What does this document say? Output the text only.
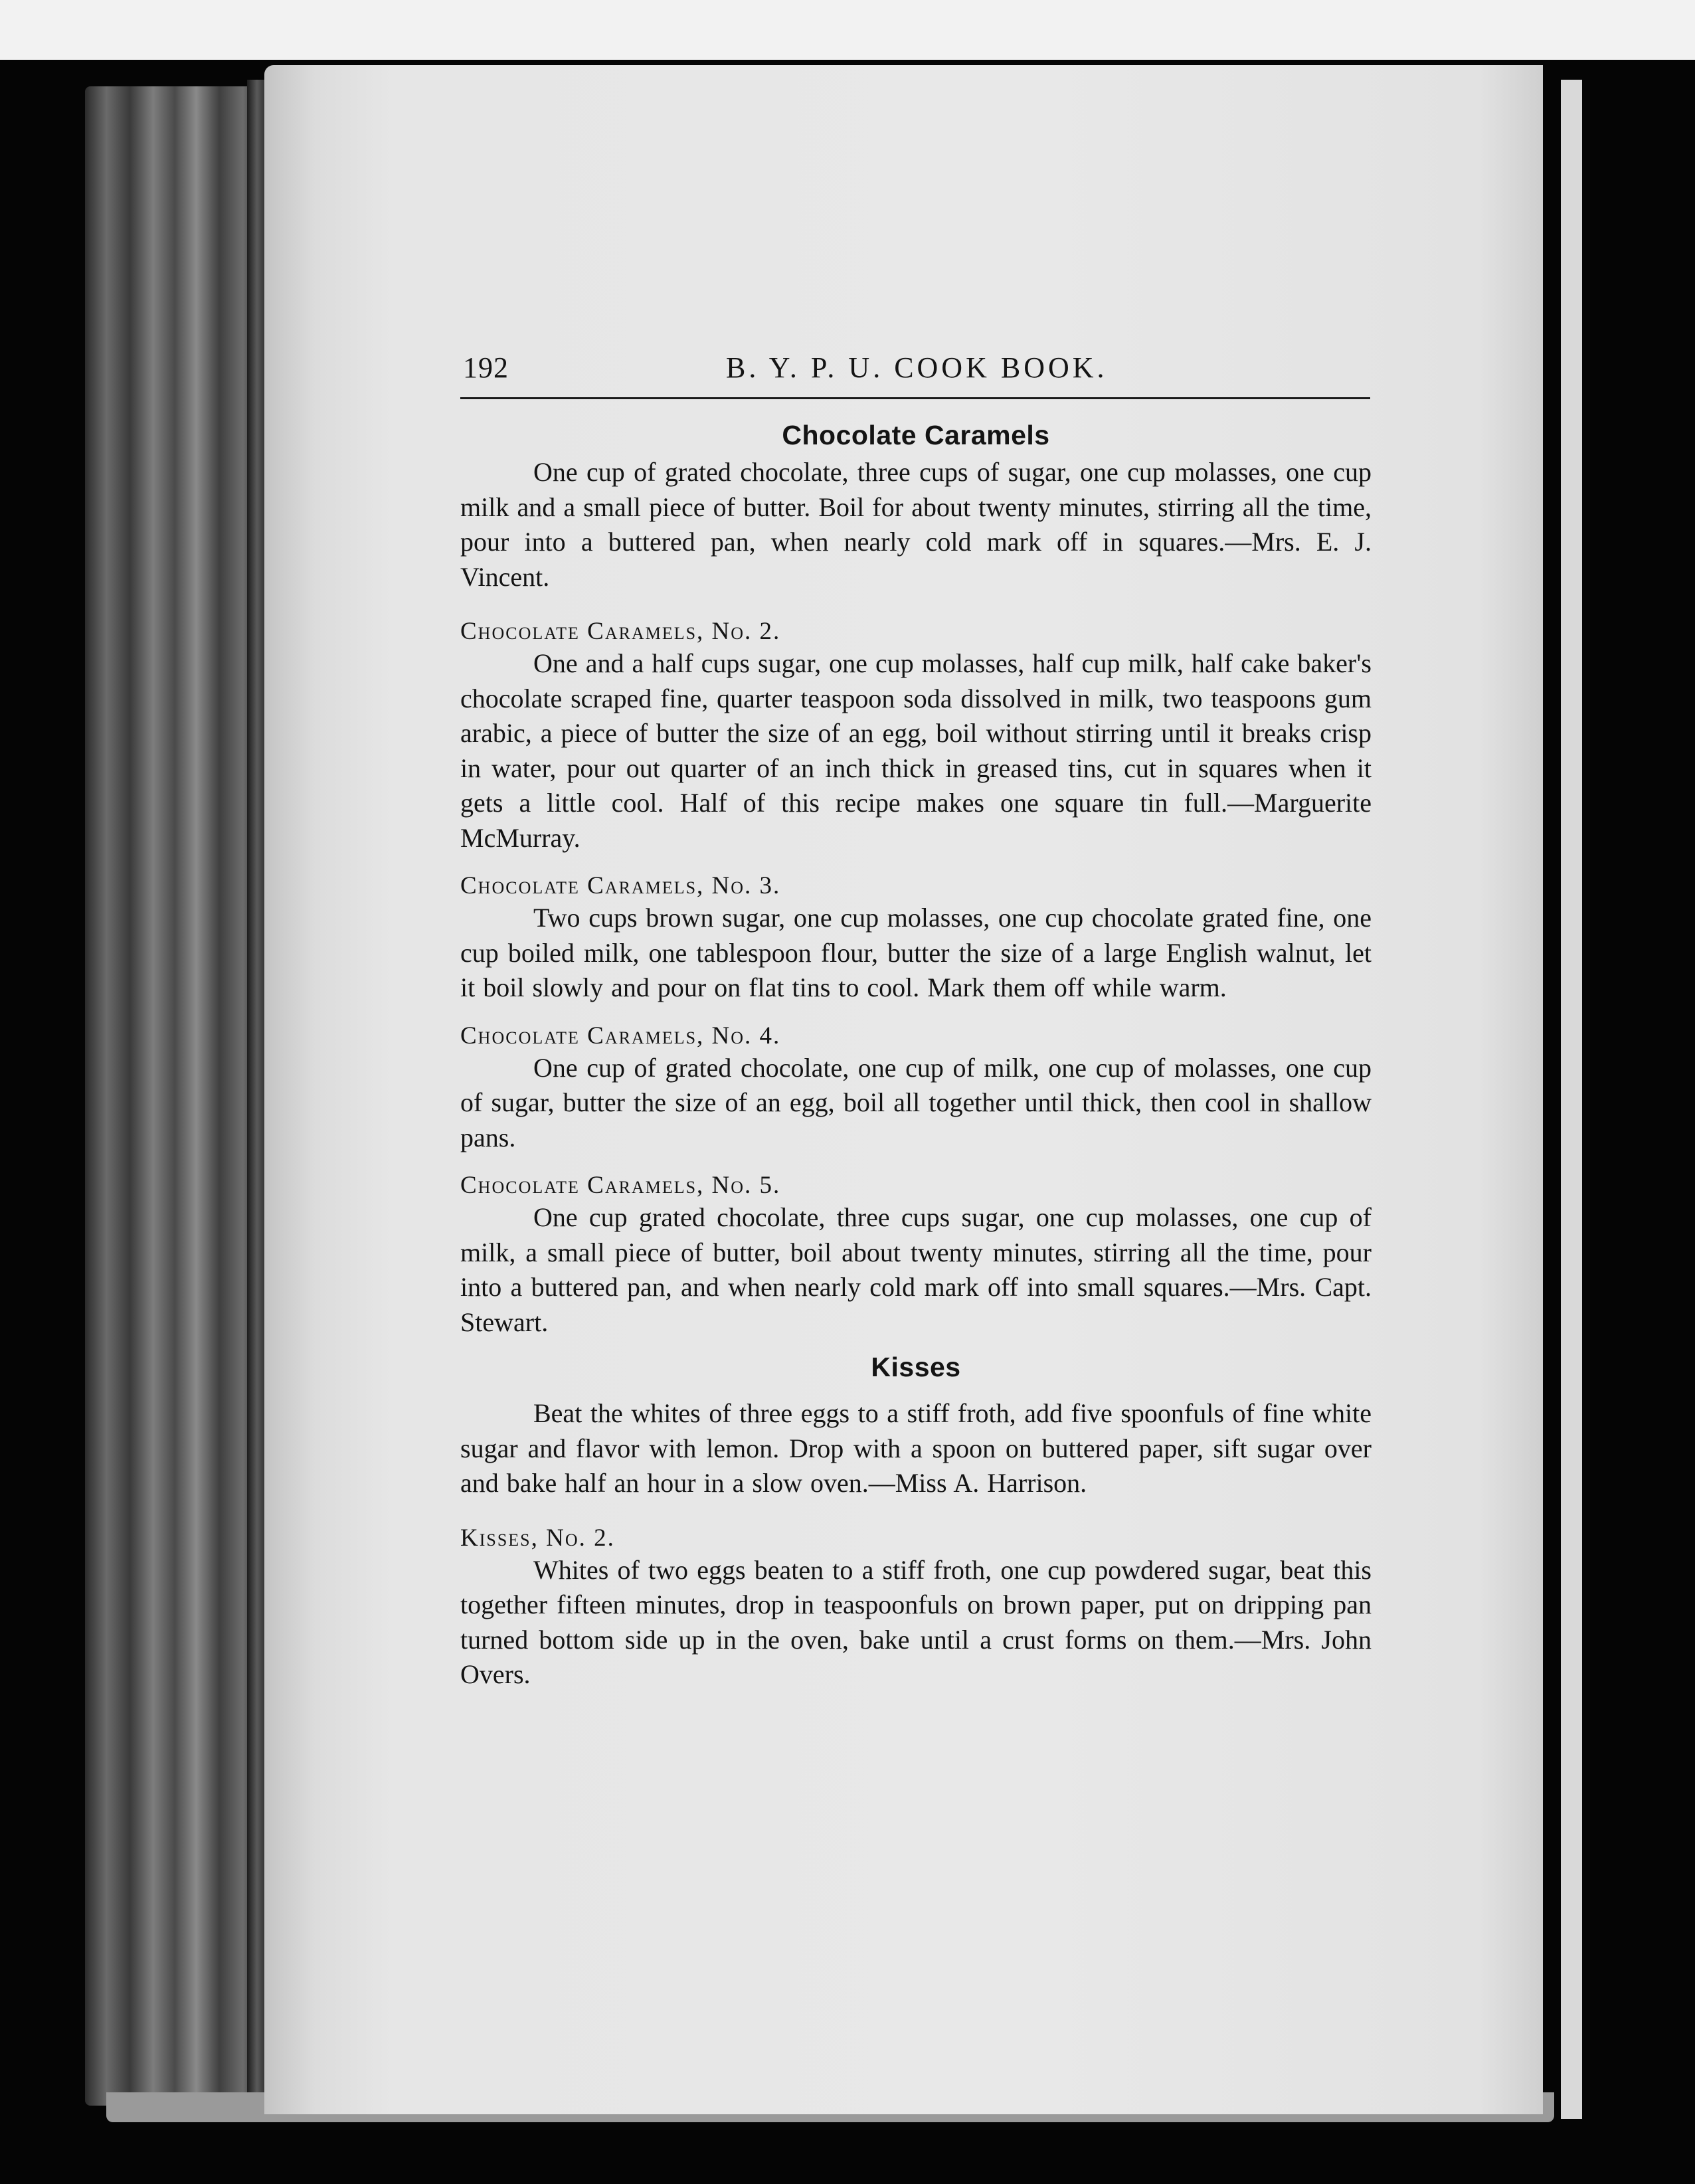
192	B. Y. P. U. COOK BOOK.
Chocolate Caramels

One cup of grated chocolate, three cups of sugar, one cup molasses, one cup milk and a small piece of butter. Boil for about twenty minutes, stirring all the time, pour into a buttered pan, when nearly cold mark off in squares.—Mrs. E. J. Vincent.

Chocolate Caramels, No. 2.

One and a half cups sugar, one cup molasses, half cup milk, half cake baker's chocolate scraped fine, quarter teaspoon soda dissolved in milk, two teaspoons gum arabic, a piece of butter the size of an egg, boil without stirring until it breaks crisp in water, pour out quarter of an inch thick in greased tins, cut in squares when it gets a little cool. Half of this recipe makes one square tin full.—Marguerite McMurray.

Chocolate Caramels, No. 3.

Two cups brown sugar, one cup molasses, one cup chocolate grated fine, one cup boiled milk, one tablespoon flour, butter the size of a large English walnut, let it boil slowly and pour on flat tins to cool. Mark them off while warm.

Chocolate Caramels, No. 4.

One cup of grated chocolate, one cup of milk, one cup of molasses, one cup of sugar, butter the size of an egg, boil all together until thick, then cool in shallow pans.

Chocolate Caramels, No. 5.

One cup grated chocolate, three cups sugar, one cup molasses, one cup of milk, a small piece of butter, boil about twenty minutes, stirring all the time, pour into a buttered pan, and when nearly cold mark off into small squares.—Mrs. Capt. Stewart.

Kisses

Beat the whites of three eggs to a stiff froth, add five spoonfuls of fine white sugar and flavor with lemon. Drop with a spoon on buttered paper, sift sugar over and bake half an hour in a slow oven.—Miss A. Harrison.

Kisses, No. 2.

Whites of two eggs beaten to a stiff froth, one cup powdered sugar, beat this together fifteen minutes, drop in teaspoonfuls on brown paper, put on dripping pan turned bottom side up in the oven, bake until a crust forms on them.—Mrs. John Overs.
